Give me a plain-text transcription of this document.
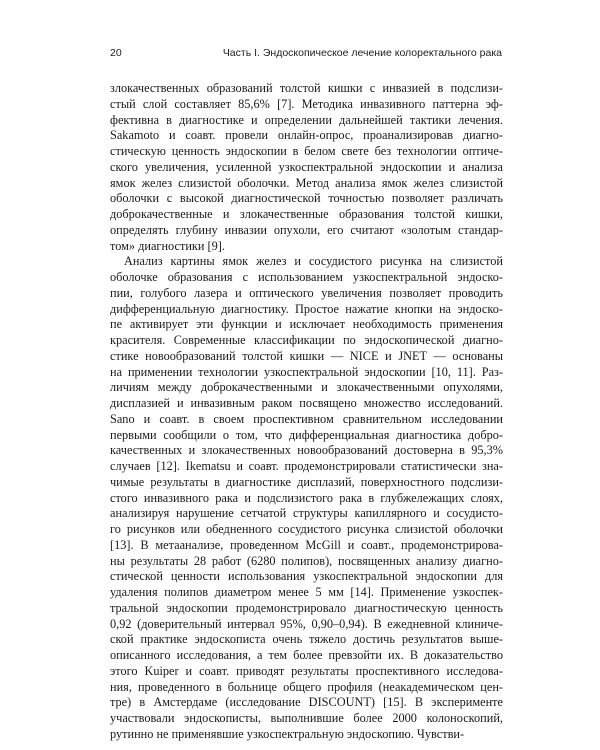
20	Часть I. Эндоскопическое лечение колоректального рака

злокачественных образований толстой кишки с инвазией в подслизи-
стый слой составляет 85,6% [7]. Методика инвазивного паттерна эф-
фективна в диагностике и определении дальнейшей тактики лечения.
Sakamoto и соавт. провели онлайн-опрос, проанализировав диагно-
стическую ценность эндоскопии в белом свете без технологии оптиче-
ского увеличения, усиленной узкоспектральной эндоскопии и анализа
ямок желез слизистой оболочки. Метод анализа ямок желез слизистой
оболочки с высокой диагностической точностью позволяет различать
доброкачественные и злокачественные образования толстой кишки,
определять глубину инвазии опухоли, его считают «золотым стандар-
том» диагностики [9].

Анализ картины ямок желез и сосудистого рисунка на слизистой
оболочке образования с использованием узкоспектральной эндоско-
пии, голубого лазера и оптического увеличения позволяет проводить
дифференциальную диагностику. Простое нажатие кнопки на эндоско-
пе активирует эти функции и исключает необходимость применения
красителя. Современные классификации по эндоскопической диагно-
стике новообразований толстой кишки — NICE и JNET — основаны
на применении технологии узкоспектральной эндоскопии [10, 11]. Раз-
личиям между доброкачественными и злокачественными опухолями,
дисплазией и инвазивным раком посвящено множество исследований.
Sano и соавт. в своем проспективном сравнительном исследовании
первыми сообщили о том, что дифференциальная диагностика добро-
качественных и злокачественных новообразований достоверна в 95,3%
случаев [12]. Ikematsu и соавт. продемонстрировали статистически зна-
чимые результаты в диагностике дисплазий, поверхностного подслизи-
стого инвазивного рака и подслизистого рака в глубжележащих слоях,
анализируя нарушение сетчатой структуры капиллярного и сосудисто-
го рисунков или обедненного сосудистого рисунка слизистой оболочки
[13]. В метаанализе, проведенном McGill и соавт., продемонстрирова-
ны результаты 28 работ (6280 полипов), посвященных анализу диагно-
стической ценности использования узкоспектральной эндоскопии для
удаления полипов диаметром менее 5 мм [14]. Применение узкоспек-
тральной эндоскопии продемонстрировало диагностическую ценность
0,92 (доверительный интервал 95%, 0,90–0,94). В ежедневной клиниче-
ской практике эндоскописта очень тяжело достичь результатов выше-
описанного исследования, а тем более превзойти их. В доказательство
этого Kuiper и соавт. приводят результаты проспективного исследова-
ния, проведенного в больнице общего профиля (неакадемическом цен-
тре) в Амстердаме (исследование DISCOUNT) [15]. В эксперименте
участвовали эндоскописты, выполнившие более 2000 колоноскопий,
рутинно не применявшие узкоспектральную эндоскопию. Чувстви-
